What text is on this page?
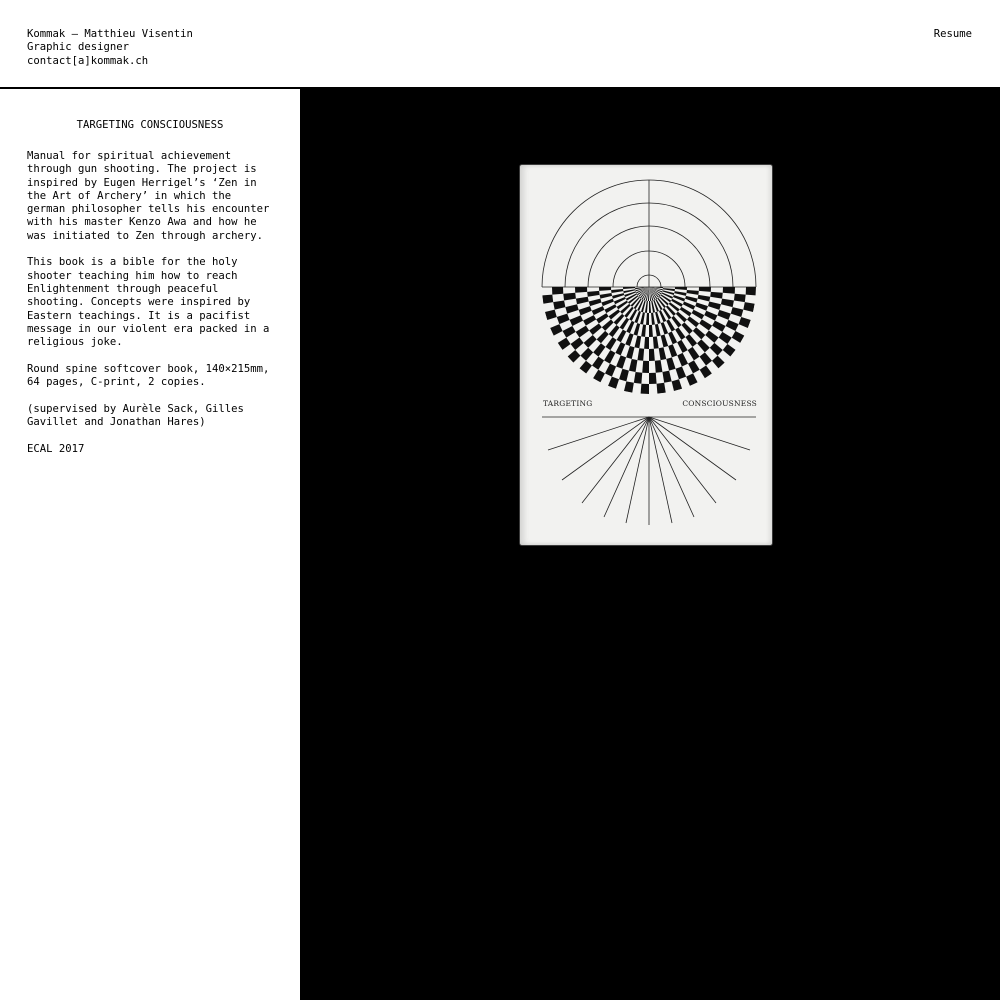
Kommak — Matthieu Visentin
Graphic designer
contact[a]kommak.ch
Resume
TARGETING CONSCIOUSNESS

Manual for spiritual achievement through gun shooting. The project is inspired by Eugen Herrigel’s ‘Zen in the Art of Archery’ in which the german philosopher tells his encounter with his master Kenzo Awa and how he was initiated to Zen through archery.

This book is a bible for the holy shooter teaching him how to reach Enlightenment through peaceful shooting. Concepts were inspired by Eastern teachings. It is a pacifist message in our violent era packed in a religious joke.

Round spine softcover book, 140×215mm, 64 pages, C-print, 2 copies.

(supervised by Aurèle Sack, Gilles Gavillet and Jonathan Hares)

ECAL 2017

TARGETING	CONSCIOUSNESS
